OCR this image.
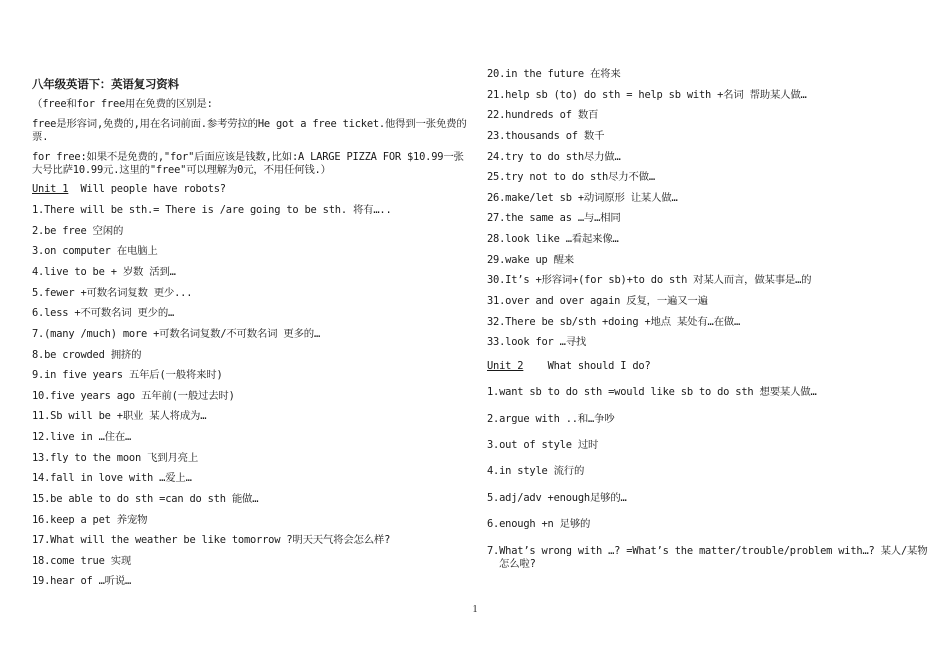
八年级英语下：英语复习资料
（free和for free用在免费的区别是:
free是形容词,免费的,用在名词前面.参考劳拉的He got a free ticket.他得到一张免费的票.
for free:如果不是免费的,"for"后面应该是钱数,比如:A LARGE PIZZA FOR $10.99一张大号比萨10.99元.这里的"free"可以理解为0元，不用任何钱.）
Unit 1 Will people have robots?
1.There will be sth.= There is /are going to be sth. 将有…..
2.be free 空闲的
3.on computer 在电脑上
4.live to be + 岁数 活到…
5.fewer +可数名词复数 更少...
6.less +不可数名词 更少的…
7.(many /much) more +可数名词复数/不可数名词 更多的…
8.be crowded 拥挤的
9.in five years 五年后(一般将来时)
10.five years ago 五年前(一般过去时)
11.Sb will be +职业 某人将成为…
12.live in …住在…
13.fly to the moon 飞到月亮上
14.fall in love with …爱上…
15.be able to do sth =can do sth 能做…
16.keep a pet 养宠物
17.What will the weather be like tomorrow ?明天天气将会怎么样?
18.come true 实现
19.hear of …听说…
20.in the future 在将来
21.help sb (to) do sth = help sb with +名词 帮助某人做…
22.hundreds of 数百
23.thousands of 数千
24.try to do sth尽力做…
25.try not to do sth尽力不做…
26.make/let sb +动词原形 让某人做…
27.the same as …与…相同
28.look like …看起来像…
29.wake up 醒来
30.It’s +形容词+(for sb)+to do sth 对某人而言，做某事是…的
31.over and over again 反复，一遍又一遍
32.There be sb/sth +doing +地点 某处有…在做…
33.look for …寻找
Unit 2 What should I do?
1.want sb to do sth =would like sb to do sth 想要某人做…
2.argue with ..和…争吵
3.out of style 过时
4.in style 流行的
5.adj/adv +enough足够的…
6.enough +n 足够的
7.What’s wrong with …? =What’s the matter/trouble/problem with…? 某人/某物怎么啦?
1
